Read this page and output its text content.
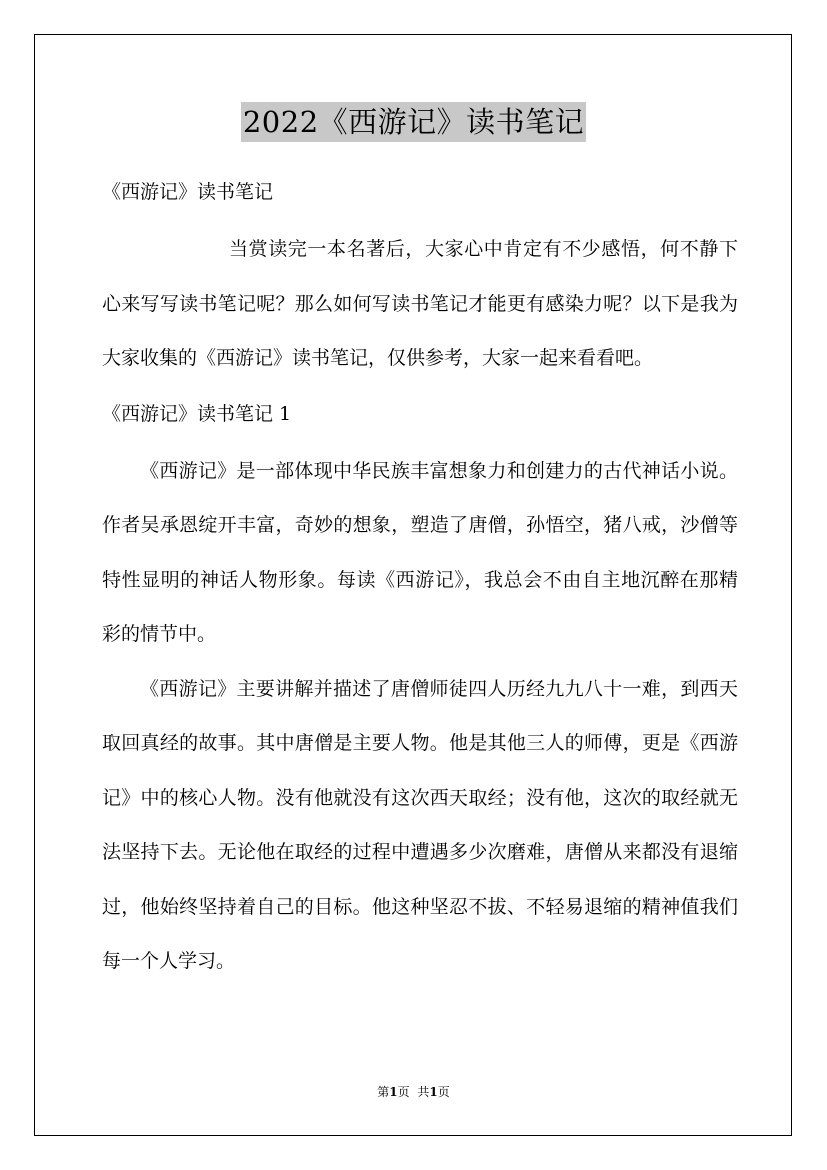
2022《西游记》读书笔记

《西游记》读书笔记

当赏读完一本名著后，大家心中肯定有不少感悟，何不静下心来写写读书笔记呢？那么如何写读书笔记才能更有感染力呢？以下是我为大家收集的《西游记》读书笔记，仅供参考，大家一起来看看吧。

《西游记》读书笔记 1

《西游记》是一部体现中华民族丰富想象力和创建力的古代神话小说。作者吴承恩绽开丰富，奇妙的想象，塑造了唐僧，孙悟空，猪八戒，沙僧等特性显明的神话人物形象。每读《西游记》，我总会不由自主地沉醉在那精彩的情节中。

《西游记》主要讲解并描述了唐僧师徒四人历经九九八十一难，到西天取回真经的故事。其中唐僧是主要人物。他是其他三人的师傅，更是《西游记》中的核心人物。没有他就没有这次西天取经；没有他，这次的取经就无法坚持下去。无论他在取经的过程中遭遇多少次磨难，唐僧从来都没有退缩过，他始终坚持着自己的目标。他这种坚忍不拔、不轻易退缩的精神值我们每一个人学习。

第1页 共1页
